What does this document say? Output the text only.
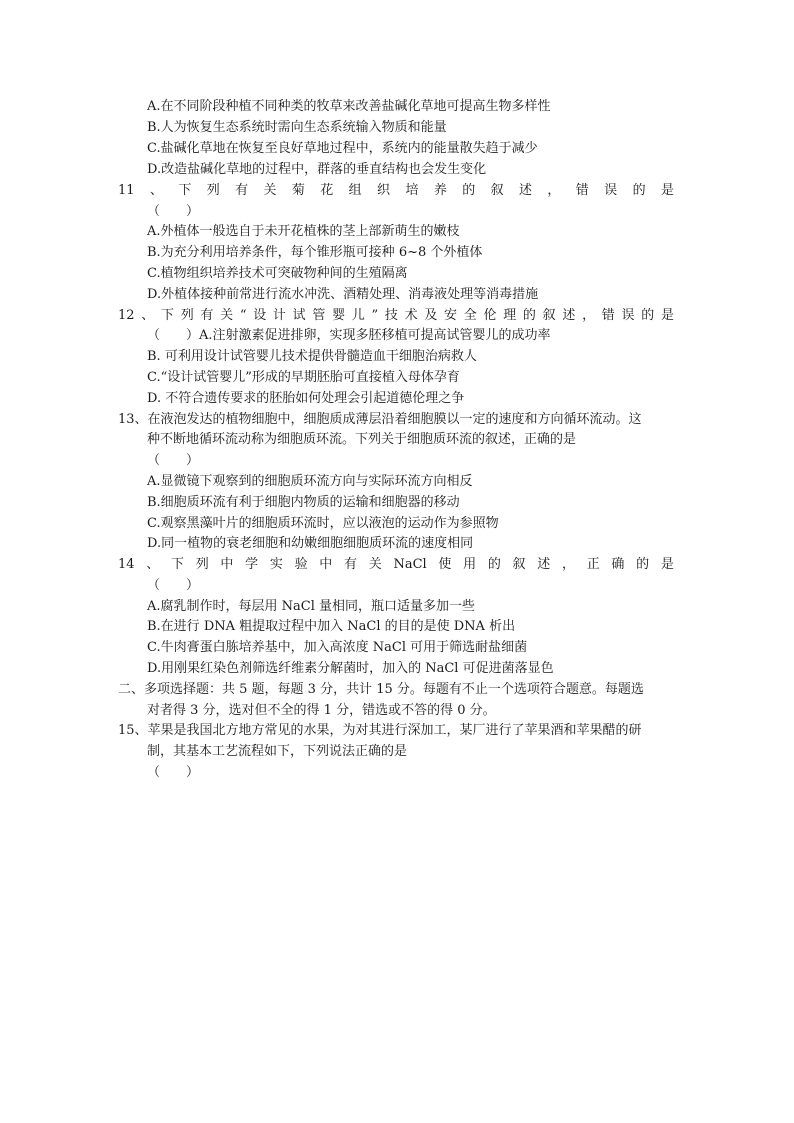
A.在不同阶段种植不同种类的牧草来改善盐碱化草地可提高生物多样性
B.人为恢复生态系统时需向生态系统输入物质和能量
C.盐碱化草地在恢复至良好草地过程中，系统内的能量散失趋于减少
D.改造盐碱化草地的过程中，群落的垂直结构也会发生变化
11 、 下 列 有 关 菊 花 组 织 培 养 的 叙 述 ， 错 误 的 是
（　　）
A.外植体一般选自于未开花植株的茎上部新萌生的嫩枝
B.为充分利用培养条件，每个锥形瓶可接种 6~8 个外植体
C.植物组织培养技术可突破物种间的生殖隔离
D.外植体接种前常进行流水冲洗、酒精处理、消毒液处理等消毒措施
12 、 下 列 有 关 “ 设 计 试 管 婴 儿 ” 技 术 及 安 全 伦 理 的 叙 述 ， 错 误 的 是
（　　）A.注射激素促进排卵，实现多胚移植可提高试管婴儿的成功率
B. 可利用设计试管婴儿技术提供骨髓造血干细胞治病救人
C.“设计试管婴儿”形成的早期胚胎可直接植入母体孕育
D. 不符合遗传要求的胚胎如何处理会引起道德伦理之争
13、在液泡发达的植物细胞中，细胞质成薄层沿着细胞膜以一定的速度和方向循环流动。这
种不断地循环流动称为细胞质环流。下列关于细胞质环流的叙述，正确的是
（　　）
A.显微镜下观察到的细胞质环流方向与实际环流方向相反
B.细胞质环流有利于细胞内物质的运输和细胞器的移动
C.观察黑藻叶片的细胞质环流时，应以液泡的运动作为参照物
D.同一植物的衰老细胞和幼嫩细胞细胞质环流的速度相同
14 、 下 列 中 学 实 验 中 有 关 NaCl 使 用 的 叙 述 ， 正 确 的 是
（　　）
A.腐乳制作时，每层用 NaCl 量相同，瓶口适量多加一些
B.在进行 DNA 粗提取过程中加入 NaCl 的目的是使 DNA 析出
C.牛肉膏蛋白胨培养基中，加入高浓度 NaCl 可用于筛选耐盐细菌
D.用刚果红染色剂筛选纤维素分解菌时，加入的 NaCl 可促进菌落显色
二、多项选择题：共 5 题，每题 3 分，共计 15 分。每题有不止一个选项符合题意。每题选
对者得 3 分，选对但不全的得 1 分，错选或不答的得 0 分。
15、苹果是我国北方地方常见的水果，为对其进行深加工，某厂进行了苹果酒和苹果醋的研
制，其基本工艺流程如下，下列说法正确的是
（　　）
